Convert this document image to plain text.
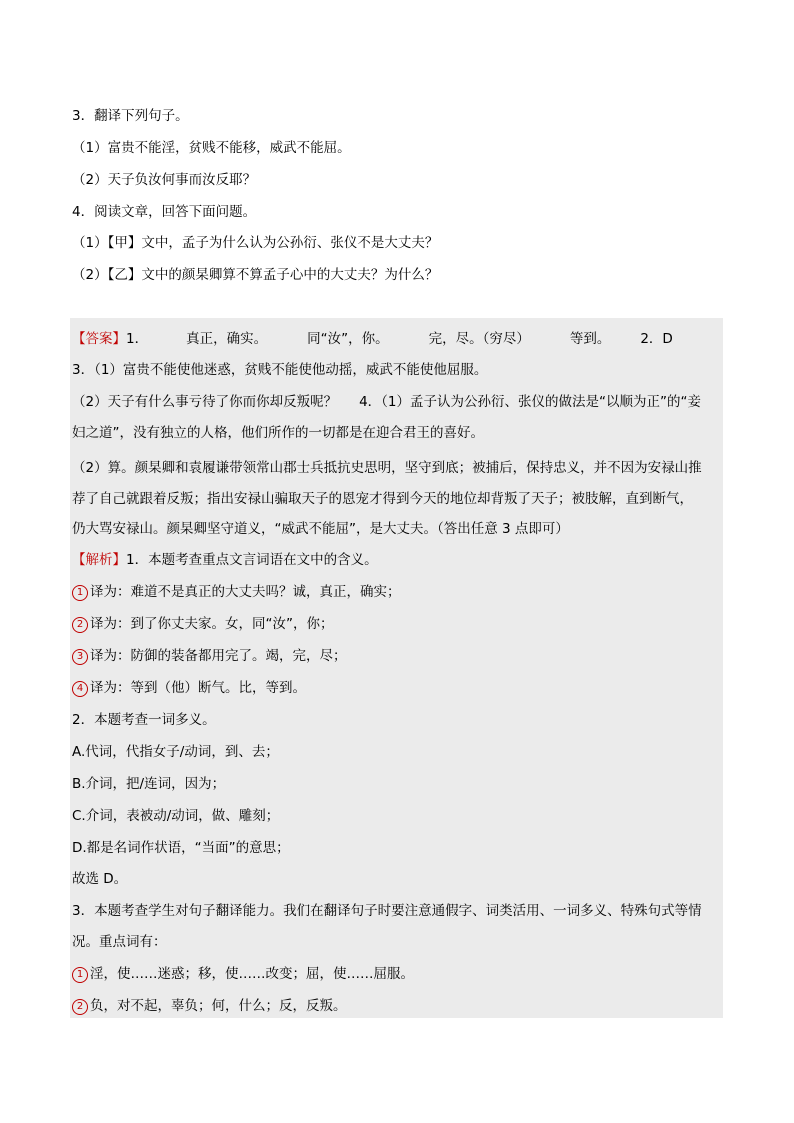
3．翻译下列句子。
（1）富贵不能淫，贫贱不能移，威武不能屈。
（2）天子负汝何事而汝反耶？
4．阅读文章，回答下面问题。
（1）【甲】文中，孟子为什么认为公孙衍、张仪不是大丈夫？
（2）【乙】文中的颜杲卿算不算孟子心中的大丈夫？为什么？
【答案】1．	真正，确实。	同“汝”，你。	完，尽。（穷尽）	等到。 2．D
3．（1）富贵不能使他迷惑，贫贱不能使他动摇，威武不能使他屈服。
（2）天子有什么事亏待了你而你却反叛呢？ 4．（1）孟子认为公孙衍、张仪的做法是“以顺为正”的“妾
妇之道”，没有独立的人格，他们所作的一切都是在迎合君王的喜好。
（2）算。颜杲卿和袁履谦带领常山郡士兵抵抗史思明，坚守到底；被捕后，保持忠义，并不因为安禄山推
荐了自己就跟着反叛；指出安禄山骗取天子的恩宠才得到今天的地位却背叛了天子；被肢解，直到断气，
仍大骂安禄山。颜杲卿坚守道义，“威武不能屈”，是大丈夫。（答出任意 3 点即可）
【解析】1．本题考查重点文言词语在文中的含义。
1 译为：难道不是真正的大丈夫吗？诚，真正，确实；
2 译为：到了你丈夫家。女，同“汝”，你；
3 译为：防御的装备都用完了。竭，完，尽；
4 译为：等到（他）断气。比，等到。
2．本题考查一词多义。
A.代词，代指女子/动词，到、去；
B.介词，把/连词，因为；
C.介词，表被动/动词，做、雕刻；
D.都是名词作状语，“当面”的意思；
故选 D。
3．本题考查学生对句子翻译能力。我们在翻译句子时要注意通假字、词类活用、一词多义、特殊句式等情
况。重点词有：
1 淫，使……迷惑；移，使……改变；屈，使……屈服。
2 负，对不起，辜负；何，什么；反，反叛。
